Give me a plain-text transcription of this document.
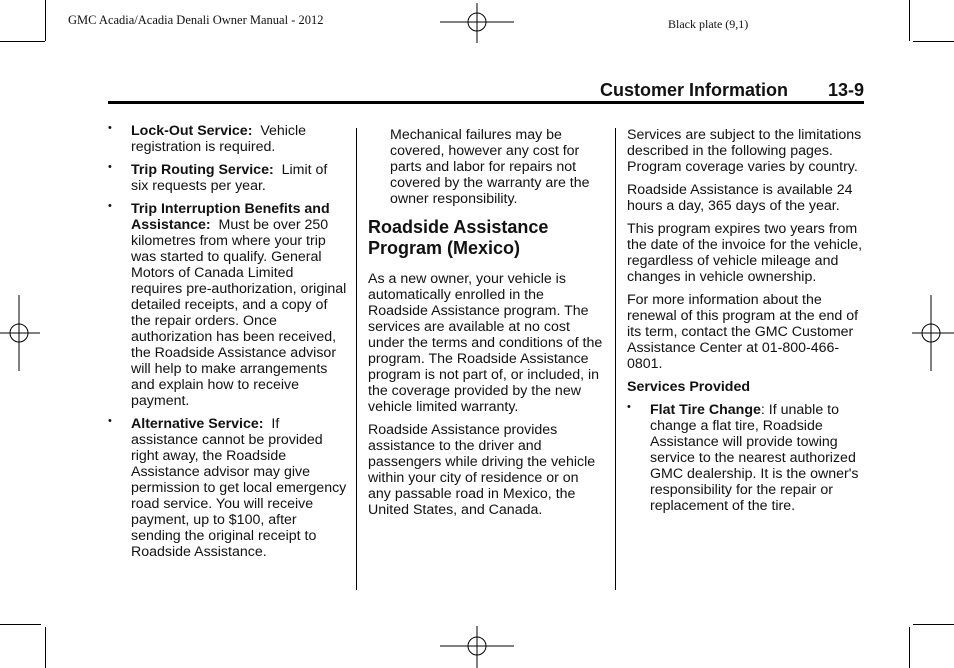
GMC Acadia/Acadia Denali Owner Manual - 2012	Black plate (9,1)
Customer Information 13-9
• Lock-Out Service: Vehicle registration is required.
• Trip Routing Service: Limit of six requests per year.
• Trip Interruption Benefits and Assistance: Must be over 250 kilometres from where your trip was started to qualify. General Motors of Canada Limited requires pre-authorization, original detailed receipts, and a copy of the repair orders. Once authorization has been received, the Roadside Assistance advisor will help to make arrangements and explain how to receive payment.
• Alternative Service: If assistance cannot be provided right away, the Roadside Assistance advisor may give permission to get local emergency road service. You will receive payment, up to $100, after sending the original receipt to Roadside Assistance.

Mechanical failures may be covered, however any cost for parts and labor for repairs not covered by the warranty are the owner responsibility.

Roadside Assistance Program (Mexico)

As a new owner, your vehicle is automatically enrolled in the Roadside Assistance program. The services are available at no cost under the terms and conditions of the program. The Roadside Assistance program is not part of, or included, in the coverage provided by the new vehicle limited warranty.

Roadside Assistance provides assistance to the driver and passengers while driving the vehicle within your city of residence or on any passable road in Mexico, the United States, and Canada.

Services are subject to the limitations described in the following pages. Program coverage varies by country.

Roadside Assistance is available 24 hours a day, 365 days of the year.

This program expires two years from the date of the invoice for the vehicle, regardless of vehicle mileage and changes in vehicle ownership.

For more information about the renewal of this program at the end of its term, contact the GMC Customer Assistance Center at 01-800-466-0801.

Services Provided
• Flat Tire Change: If unable to change a flat tire, Roadside Assistance will provide towing service to the nearest authorized GMC dealership. It is the owner's responsibility for the repair or replacement of the tire.
